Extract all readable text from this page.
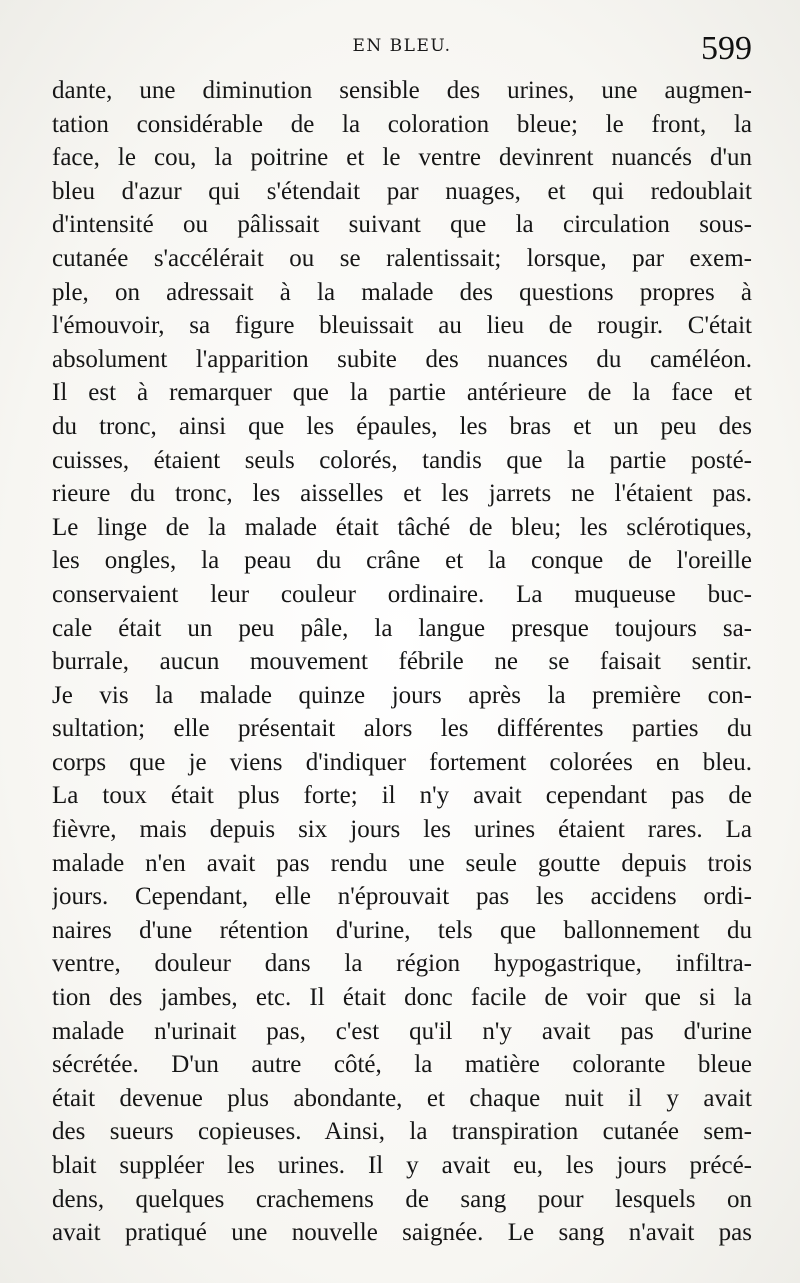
EN BLEU.	599
dante, une diminution sensible des urines, une augmen-
tation considérable de la coloration bleue; le front, la
face, le cou, la poitrine et le ventre devinrent nuancés d'un
bleu d'azur qui s'étendait par nuages, et qui redoublait
d'intensité ou pâlissait suivant que la circulation sous-
cutanée s'accélérait ou se ralentissait; lorsque, par exem-
ple, on adressait à la malade des questions propres à
l'émouvoir, sa figure bleuissait au lieu de rougir. C'était
absolument l'apparition subite des nuances du caméléon.
Il est à remarquer que la partie antérieure de la face et
du tronc, ainsi que les épaules, les bras et un peu des
cuisses, étaient seuls colorés, tandis que la partie posté-
rieure du tronc, les aisselles et les jarrets ne l'étaient pas.
Le linge de la malade était tâché de bleu; les sclérotiques,
les ongles, la peau du crâne et la conque de l'oreille
conservaient leur couleur ordinaire. La muqueuse buc-
cale était un peu pâle, la langue presque toujours sa-
burrale, aucun mouvement fébrile ne se faisait sentir.
Je vis la malade quinze jours après la première con-
sultation; elle présentait alors les différentes parties du
corps que je viens d'indiquer fortement colorées en bleu.
La toux était plus forte; il n'y avait cependant pas de
fièvre, mais depuis six jours les urines étaient rares. La
malade n'en avait pas rendu une seule goutte depuis trois
jours. Cependant, elle n'éprouvait pas les accidens ordi-
naires d'une rétention d'urine, tels que ballonnement du
ventre, douleur dans la région hypogastrique, infiltra-
tion des jambes, etc. Il était donc facile de voir que si la
malade n'urinait pas, c'est qu'il n'y avait pas d'urine
sécrétée. D'un autre côté, la matière colorante bleue
était devenue plus abondante, et chaque nuit il y avait
des sueurs copieuses. Ainsi, la transpiration cutanée sem-
blait suppléer les urines. Il y avait eu, les jours précé-
dens, quelques crachemens de sang pour lesquels on
avait pratiqué une nouvelle saignée. Le sang n'avait pas
